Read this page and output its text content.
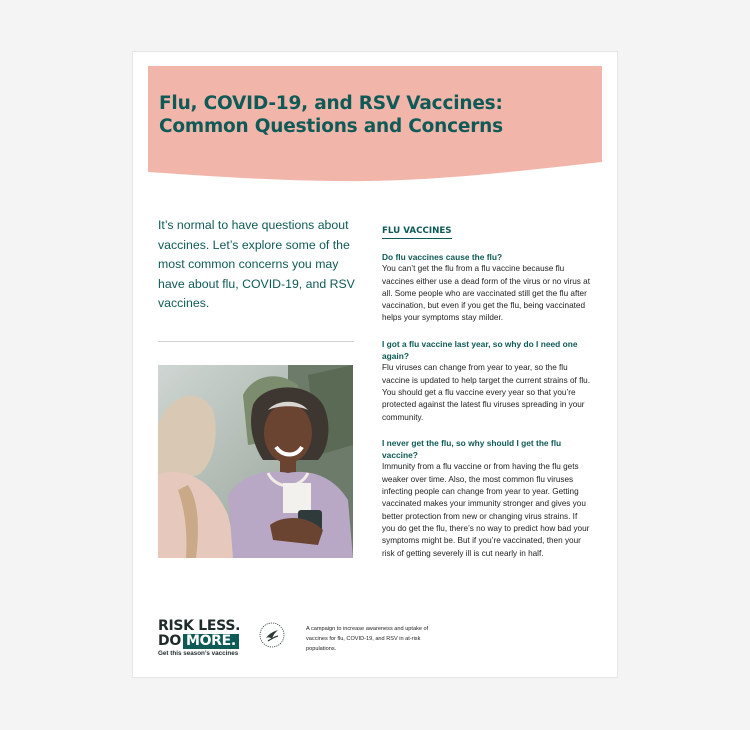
Flu, COVID-19, and RSV Vaccines: Common Questions and Concerns

It’s normal to have questions about vaccines. Let’s explore some of the most common concerns you may have about flu, COVID-19, and RSV vaccines.

FLU VACCINES

Do flu vaccines cause the flu?

You can’t get the flu from a flu vaccine because flu vaccines either use a dead form of the virus or no virus at all. Some people who are vaccinated still get the flu after vaccination, but even if you get the flu, being vaccinated helps your symptoms stay milder.

I got a flu vaccine last year, so why do I need one again?

Flu viruses can change from year to year, so the flu vaccine is updated to help target the current strains of flu. You should get a flu vaccine every year so that you’re protected against the latest flu viruses spreading in your community.

I never get the flu, so why should I get the flu vaccine?

Immunity from a flu vaccine or from having the flu gets weaker over time. Also, the most common flu viruses infecting people can change from year to year. Getting vaccinated makes your immunity stronger and gives you better protection from new or changing virus strains. If you do get the flu, there’s no way to predict how bad your symptoms might be. But if you’re vaccinated, then your risk of getting severely ill is cut nearly in half.

RISK LESS.
DO MORE.
Get this season’s vaccines

A campaign to increase awareness and uptake of vaccines for flu, COVID-19, and RSV in at-risk populations.
